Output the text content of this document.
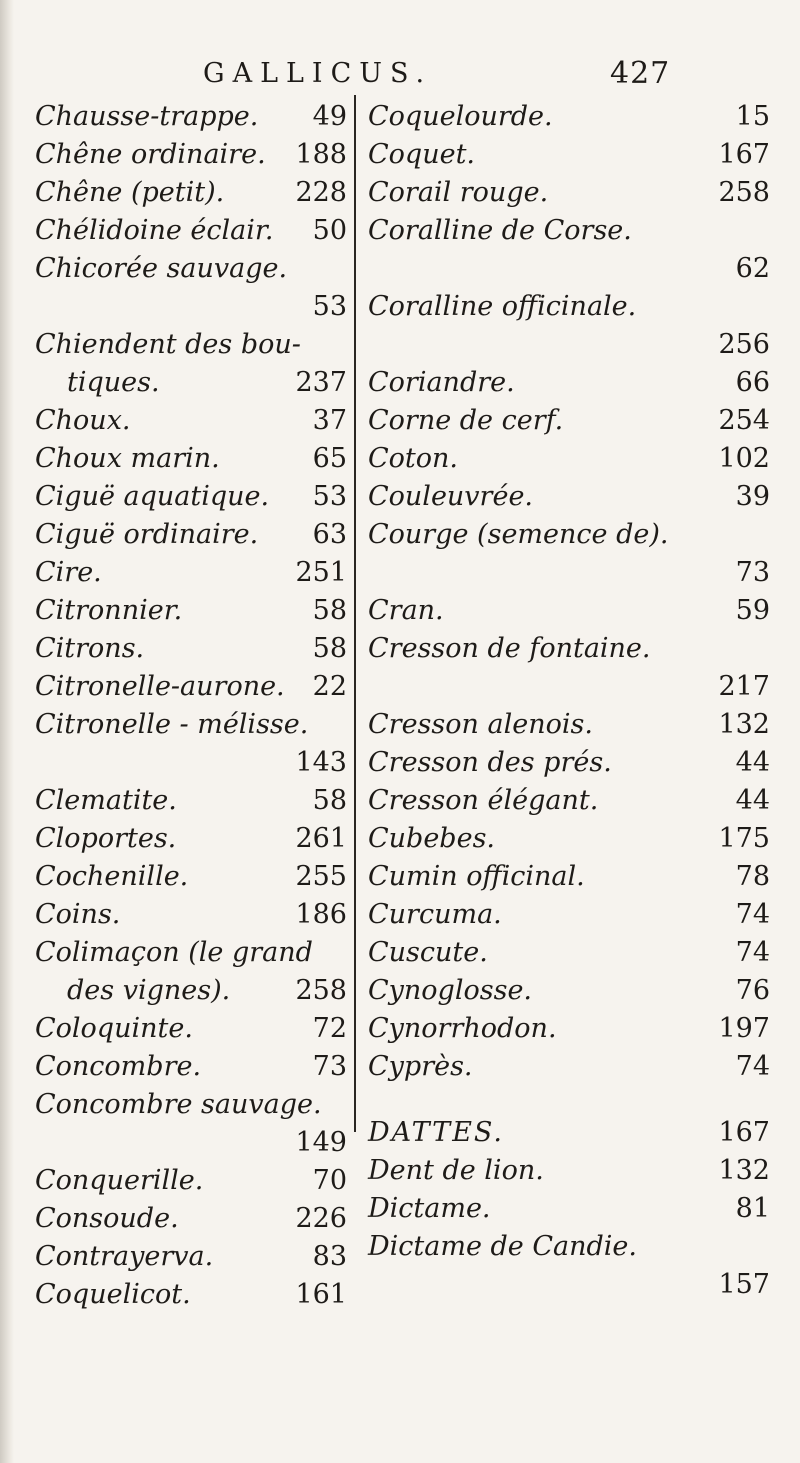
GALLICUS.	427
Chausse-trappe. 49
Chêne ordinaire. 188
Chêne (petit).	228
Chélidoine éclair. 50
Chicorée sauvage.
53
Chiendent des bou-
tiques.	237
Choux.	37
Choux marin.	65
Ciguë aquatique. 53
Ciguë ordinaire. 63
Cire.	251
Citronnier.	58
Citrons.	58
Citronelle-aurone. 22
Citronelle - mélisse.
143
Clematite.	58
Cloportes.	261
Cochenille.	255
Coins.	186
Colimaçon (le grand
des vignes). 258
Coloquinte.	72
Concombre.	73
Concombre sauvage.
149
Conquerille.	70
Consoude.	226
Contrayerva.	83
Coquelicot.	161
Coquelourde.	15
Coquet.	167
Corail rouge.	258
Coralline de Corse.
62
Coralline officinale.
256
Coriandre.	66
Corne de cerf.	254
Coton.	102
Couleuvrée.	39
Courge (semence de).
73
Cran.	59
Cresson de fontaine.
217
Cresson alenois.	132
Cresson des prés.	44
Cresson élégant.	44
Cubebes.	175
Cumin officinal.	78
Curcuma.	74
Cuscute.	74
Cynoglosse.	76
Cynorrhodon.	197
Cyprès.	74
DATTES.	167
Dent de lion.	132
Dictame.	81
Dictame de Candie.
157
